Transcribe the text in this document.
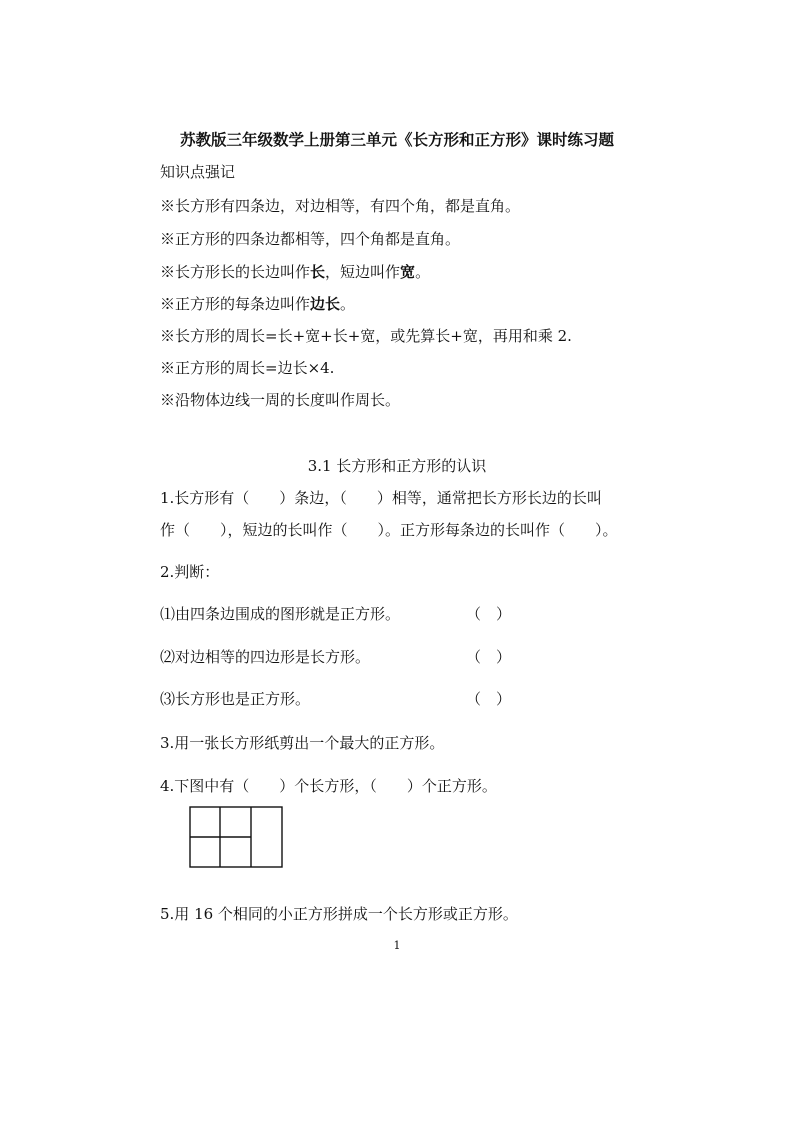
苏教版三年级数学上册第三单元《长方形和正方形》课时练习题
知识点强记
※长方形有四条边，对边相等，有四个角，都是直角。
※正方形的四条边都相等，四个角都是直角。
※长方形长的长边叫作长，短边叫作宽。
※正方形的每条边叫作边长。
※长方形的周长=长+宽+长+宽，或先算长+宽，再用和乘 2.
※正方形的周长=边长×4.
※沿物体边线一周的长度叫作周长。
3.1 长方形和正方形的认识
1.长方形有（　　）条边，（　　）相等，通常把长方形长边的长叫
作（　　），短边的长叫作（　　）。正方形每条边的长叫作（　　）。
2.判断：
⑴由四条边围成的图形就是正方形。	（　）
⑵对边相等的四边形是长方形。	（　）
⑶长方形也是正方形。	（　）
3.用一张长方形纸剪出一个最大的正方形。
4.下图中有（　　）个长方形，（　　）个正方形。
5.用 16 个相同的小正方形拼成一个长方形或正方形。
1
